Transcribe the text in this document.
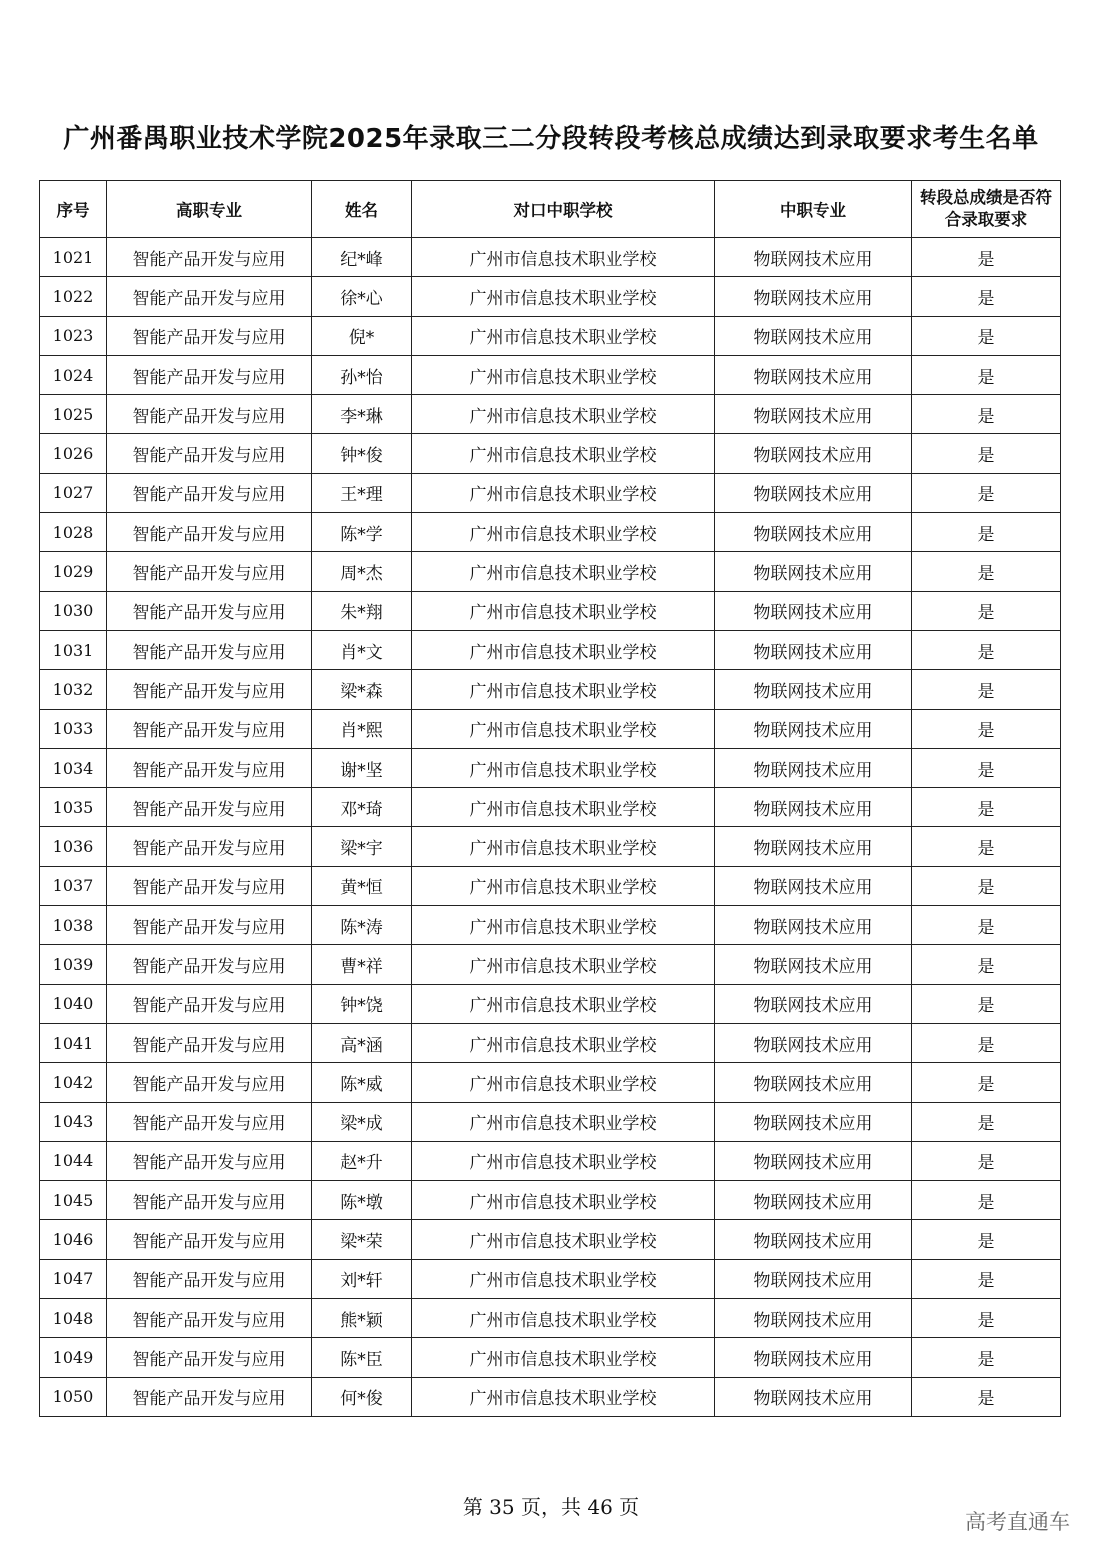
广州番禺职业技术学院2025年录取三二分段转段考核总成绩达到录取要求考生名单
序号	高职专业	姓名	对口中职学校	中职专业	转段总成绩是否符合录取要求
1021	智能产品开发与应用	纪*峰	广州市信息技术职业学校	物联网技术应用	是
1022	智能产品开发与应用	徐*心	广州市信息技术职业学校	物联网技术应用	是
1023	智能产品开发与应用	倪*	广州市信息技术职业学校	物联网技术应用	是
1024	智能产品开发与应用	孙*怡	广州市信息技术职业学校	物联网技术应用	是
1025	智能产品开发与应用	李*琳	广州市信息技术职业学校	物联网技术应用	是
1026	智能产品开发与应用	钟*俊	广州市信息技术职业学校	物联网技术应用	是
1027	智能产品开发与应用	王*理	广州市信息技术职业学校	物联网技术应用	是
1028	智能产品开发与应用	陈*学	广州市信息技术职业学校	物联网技术应用	是
1029	智能产品开发与应用	周*杰	广州市信息技术职业学校	物联网技术应用	是
1030	智能产品开发与应用	朱*翔	广州市信息技术职业学校	物联网技术应用	是
1031	智能产品开发与应用	肖*文	广州市信息技术职业学校	物联网技术应用	是
1032	智能产品开发与应用	梁*森	广州市信息技术职业学校	物联网技术应用	是
1033	智能产品开发与应用	肖*熙	广州市信息技术职业学校	物联网技术应用	是
1034	智能产品开发与应用	谢*坚	广州市信息技术职业学校	物联网技术应用	是
1035	智能产品开发与应用	邓*琦	广州市信息技术职业学校	物联网技术应用	是
1036	智能产品开发与应用	梁*宇	广州市信息技术职业学校	物联网技术应用	是
1037	智能产品开发与应用	黄*恒	广州市信息技术职业学校	物联网技术应用	是
1038	智能产品开发与应用	陈*涛	广州市信息技术职业学校	物联网技术应用	是
1039	智能产品开发与应用	曹*祥	广州市信息技术职业学校	物联网技术应用	是
1040	智能产品开发与应用	钟*饶	广州市信息技术职业学校	物联网技术应用	是
1041	智能产品开发与应用	高*涵	广州市信息技术职业学校	物联网技术应用	是
1042	智能产品开发与应用	陈*威	广州市信息技术职业学校	物联网技术应用	是
1043	智能产品开发与应用	梁*成	广州市信息技术职业学校	物联网技术应用	是
1044	智能产品开发与应用	赵*升	广州市信息技术职业学校	物联网技术应用	是
1045	智能产品开发与应用	陈*墩	广州市信息技术职业学校	物联网技术应用	是
1046	智能产品开发与应用	梁*荣	广州市信息技术职业学校	物联网技术应用	是
1047	智能产品开发与应用	刘*轩	广州市信息技术职业学校	物联网技术应用	是
1048	智能产品开发与应用	熊*颖	广州市信息技术职业学校	物联网技术应用	是
1049	智能产品开发与应用	陈*臣	广州市信息技术职业学校	物联网技术应用	是
1050	智能产品开发与应用	何*俊	广州市信息技术职业学校	物联网技术应用	是
第 35 页，共 46 页
高考直通车
